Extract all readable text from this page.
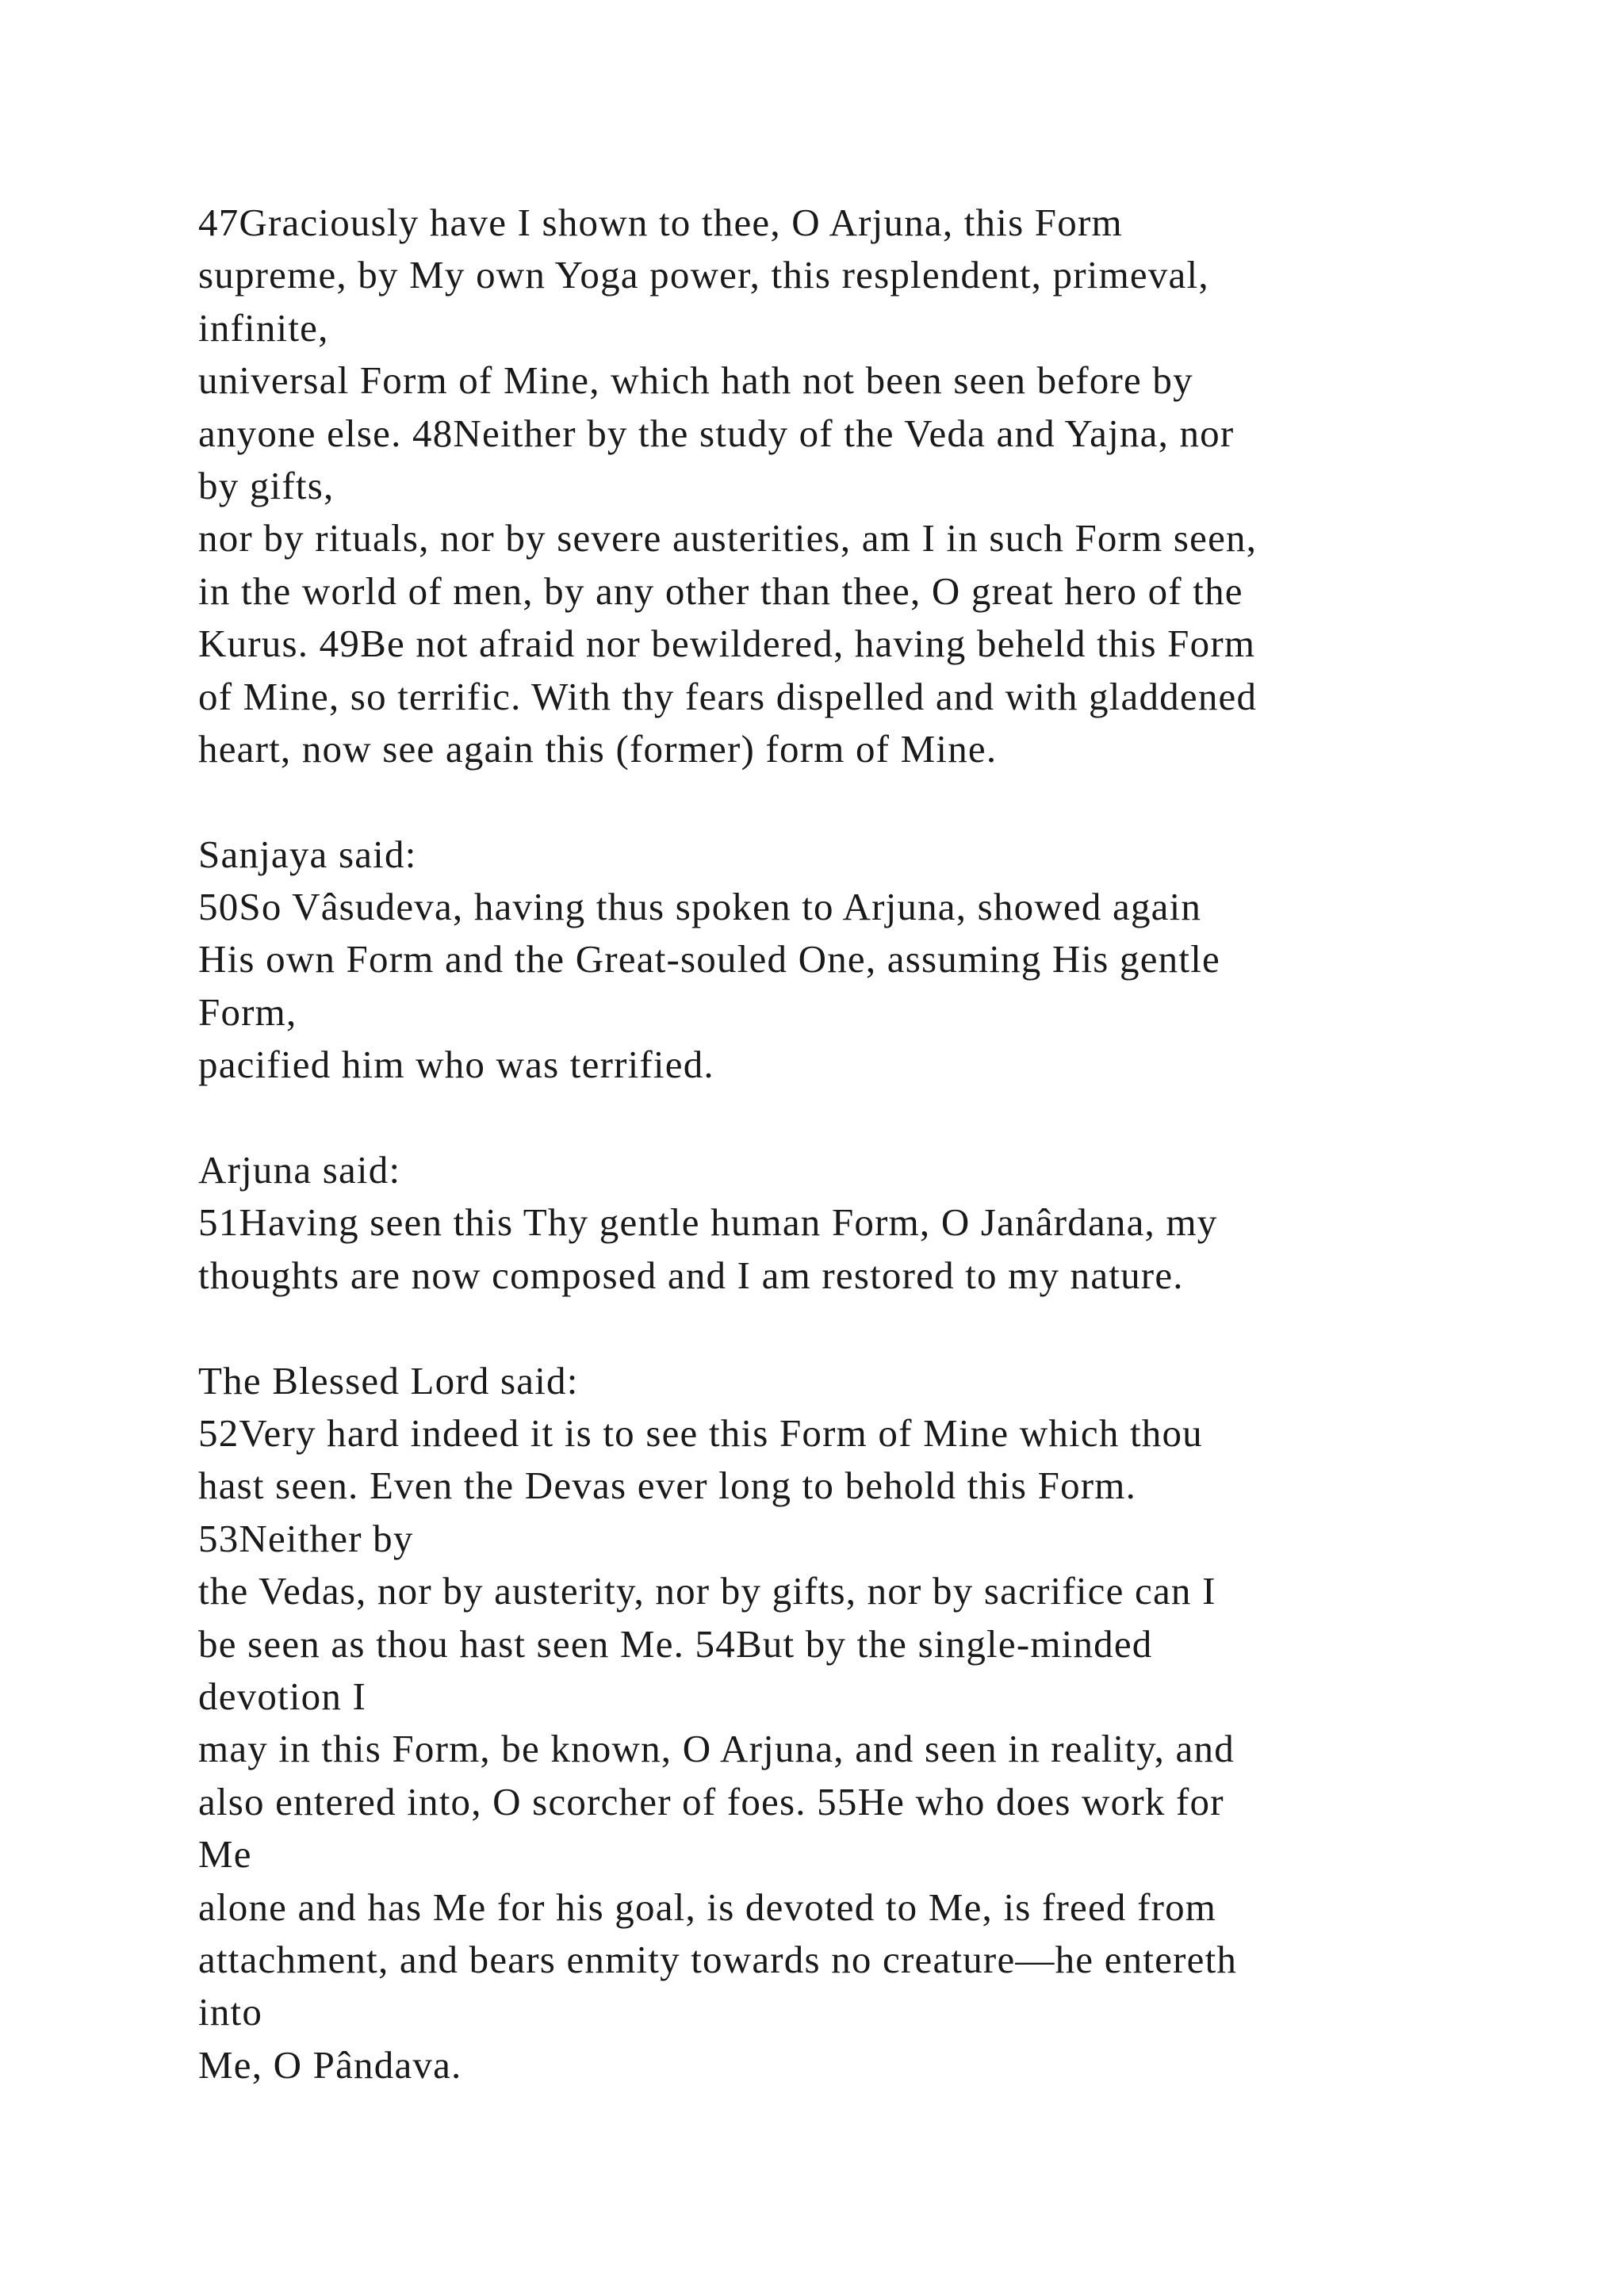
47Graciously have I shown to thee, O Arjuna, this Form
supreme, by My own Yoga power, this resplendent, primeval,
infinite,
universal Form of Mine, which hath not been seen before by
anyone else. 48Neither by the study of the Veda and Yajna, nor
by gifts,
nor by rituals, nor by severe austerities, am I in such Form seen,
in the world of men, by any other than thee, O great hero of the
Kurus. 49Be not afraid nor bewildered, having beheld this Form
of Mine, so terrific. With thy fears dispelled and with gladdened
heart, now see again this (former) form of Mine.
Sanjaya said:
50So Vâsudeva, having thus spoken to Arjuna, showed again
His own Form and the Great-souled One, assuming His gentle
Form,
pacified him who was terrified.
Arjuna said:
51Having seen this Thy gentle human Form, O Janârdana, my
thoughts are now composed and I am restored to my nature.
The Blessed Lord said:
52Very hard indeed it is to see this Form of Mine which thou
hast seen. Even the Devas ever long to behold this Form.
53Neither by
the Vedas, nor by austerity, nor by gifts, nor by sacrifice can I
be seen as thou hast seen Me. 54But by the single-minded
devotion I
may in this Form, be known, O Arjuna, and seen in reality, and
also entered into, O scorcher of foes. 55He who does work for
Me
alone and has Me for his goal, is devoted to Me, is freed from
attachment, and bears enmity towards no creature—he entereth
into
Me, O Pândava.
